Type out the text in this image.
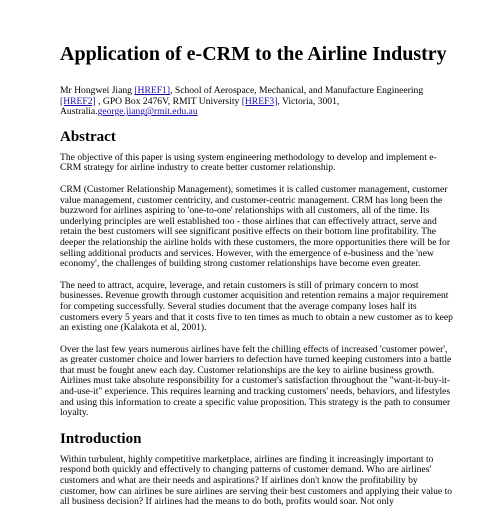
Application of e-CRM to the Airline Industry
Mr Hongwei Jiang [HREF1], School of Aerospace, Mechanical, and Manufacture Engineering [HREF2] , GPO Box 2476V, RMIT University [HREF3], Victoria, 3001, Australia.george.jiang@rmit.edu.au
Abstract

The objective of this paper is using system engineering methodology to develop and implement e-CRM strategy for airline industry to create better customer relationship.

CRM (Customer Relationship Management), sometimes it is called customer management, customer value management, customer centricity, and customer-centric management. CRM has long been the buzzword for airlines aspiring to 'one-to-one' relationships with all customers, all of the time. Its underlying principles are well established too - those airlines that can effectively attract, serve and retain the best customers will see significant positive effects on their bottom line profitability. The deeper the relationship the airline holds with these customers, the more opportunities there will be for selling additional products and services. However, with the emergence of e-business and the 'new economy', the challenges of building strong customer relationships have become even greater.

The need to attract, acquire, leverage, and retain customers is still of primary concern to most businesses. Revenue growth through customer acquisition and retention remains a major requirement for competing successfully. Several studies document that the average company loses half its customers every 5 years and that it costs five to ten times as much to obtain a new customer as to keep an existing one (Kalakota et al, 2001).

Over the last few years numerous airlines have felt the chilling effects of increased 'customer power', as greater customer choice and lower barriers to defection have turned keeping customers into a battle that must be fought anew each day. Customer relationships are the key to airline business growth. Airlines must take absolute responsibility for a customer's satisfaction throughout the "want-it-buy-it-and-use-it" experience. This requires learning and tracking customers' needs, behaviors, and lifestyles and using this information to create a specific value proposition. This strategy is the path to consumer loyalty.

Introduction

Within turbulent, highly competitive marketplace, airlines are finding it increasingly important to respond both quickly and effectively to changing patterns of customer demand. Who are airlines' customers and what are their needs and aspirations? If airlines don't know the profitability by customer, how can airlines be sure airlines are serving their best customers and applying their value to all business decision? If airlines had the means to do both, profits would soar. Not only
